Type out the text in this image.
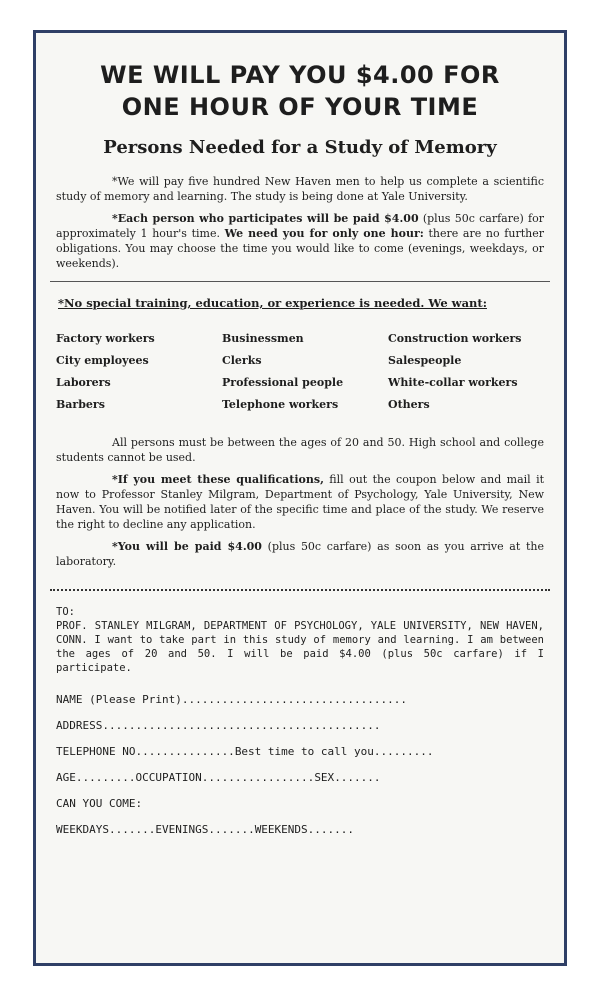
WE WILL PAY YOU $4.00 FOR
ONE HOUR OF YOUR TIME
Persons Needed for a Study of Memory

*We will pay five hundred New Haven men to help us complete a scientific study of memory and learning. The study is being done at Yale University.

*Each person who participates will be paid $4.00 (plus 50c carfare) for approximately 1 hour's time. We need you for only one hour: there are no further obligations. You may choose the time you would like to come (evenings, weekdays, or weekends).

*No special training, education, or experience is needed. We want:

Factory workers	Businessmen	Construction workers
City employees	Clerks	Salespeople
Laborers	Professional people	White-collar workers
Barbers	Telephone workers	Others

All persons must be between the ages of 20 and 50. High school and college students cannot be used.

*If you meet these qualifications, fill out the coupon below and mail it now to Professor Stanley Milgram, Department of Psychology, Yale University, New Haven. You will be notified later of the specific time and place of the study. We reserve the right to decline any application.

*You will be paid $4.00 (plus 50c carfare) as soon as you arrive at the laboratory.

TO:

PROF. STANLEY MILGRAM, DEPARTMENT OF PSYCHOLOGY, YALE UNIVERSITY, NEW HAVEN, CONN. I want to take part in this study of memory and learning. I am between the ages of 20 and 50. I will be paid $4.00 (plus 50c carfare) if I participate.

NAME (Please Print)..................................
ADDRESS..........................................
TELEPHONE NO...............Best time to call you.........
AGE.........OCCUPATION.................SEX.......
CAN YOU COME:
WEEKDAYS.......EVENINGS.......WEEKENDS.......
